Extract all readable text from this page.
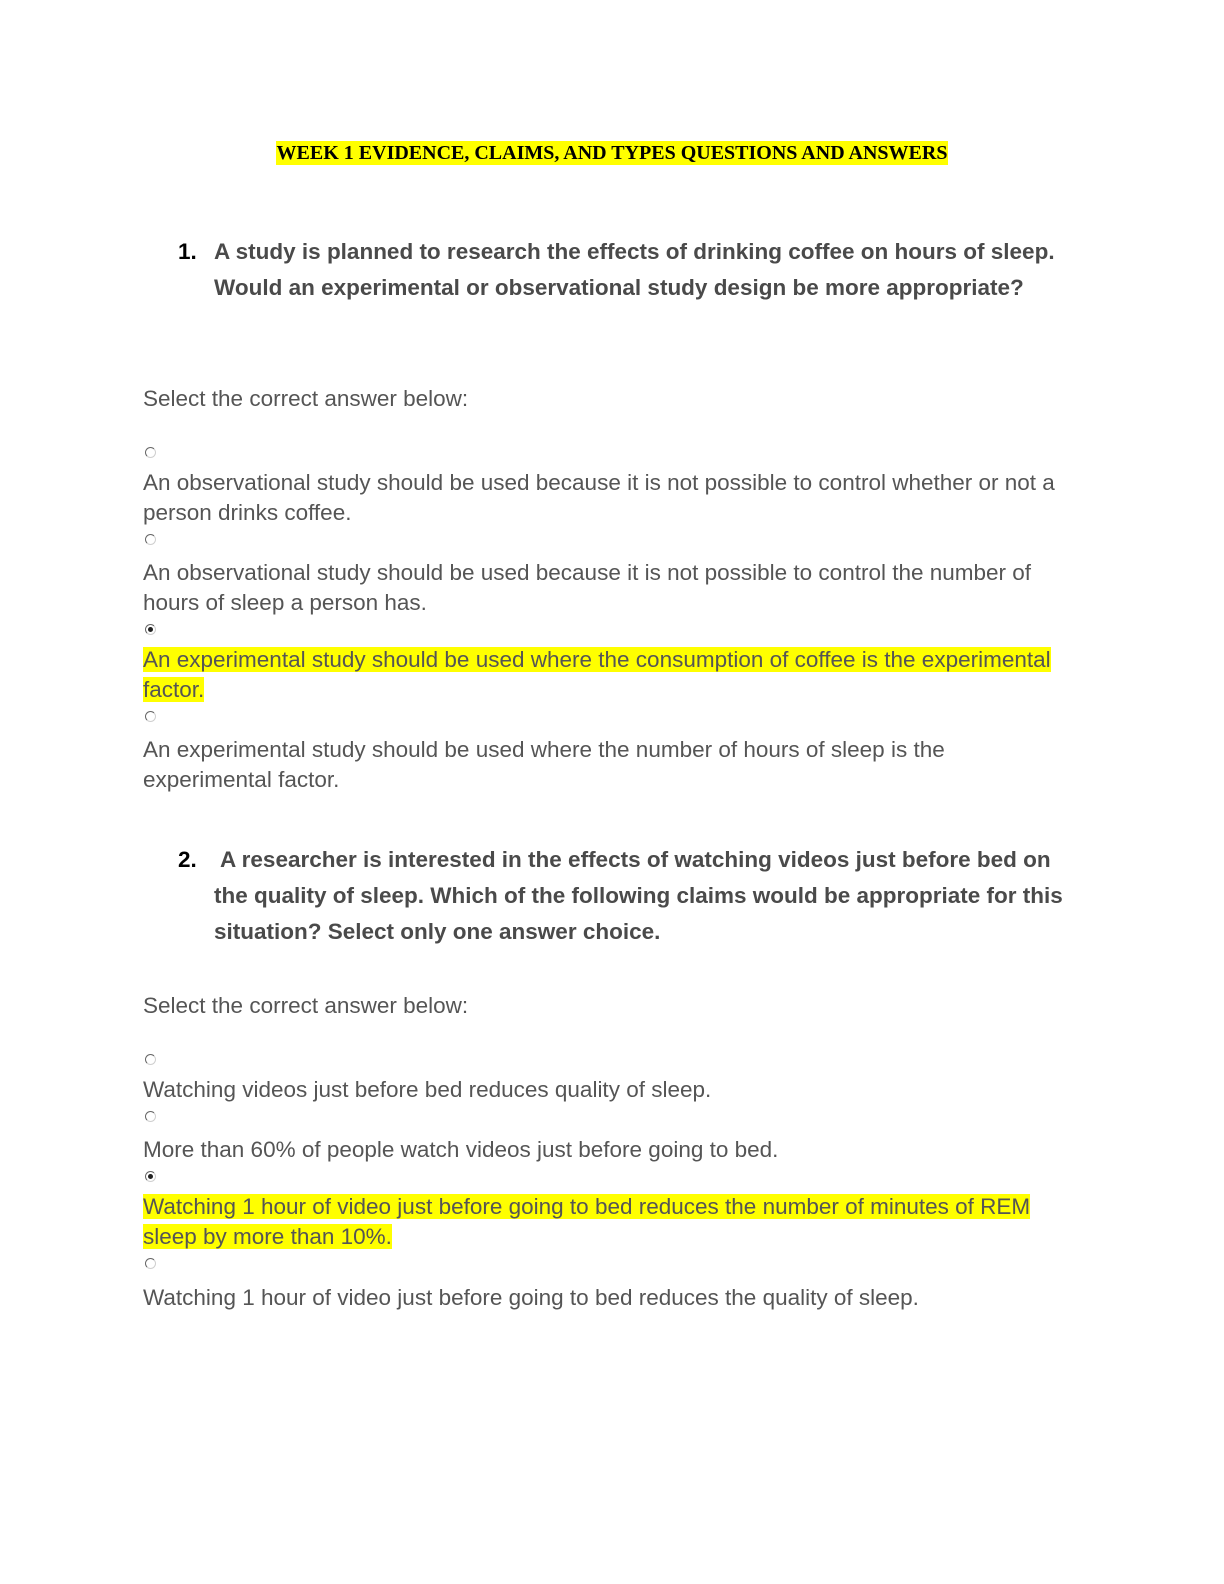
WEEK 1 EVIDENCE, CLAIMS, AND TYPES QUESTIONS AND ANSWERS
1. A study is planned to research the effects of drinking coffee on hours of sleep. Would an experimental or observational study design be more appropriate?
Select the correct answer below:
An observational study should be used because it is not possible to control whether or not a person drinks coffee.
An observational study should be used because it is not possible to control the number of hours of sleep a person has.
An experimental study should be used where the consumption of coffee is the experimental factor.
An experimental study should be used where the number of hours of sleep is the experimental factor.
2.	A researcher is interested in the effects of watching videos just before bed on the quality of sleep. Which of the following claims would be appropriate for this situation? Select only one answer choice.
Select the correct answer below:
Watching videos just before bed reduces quality of sleep.
More than 60% of people watch videos just before going to bed.
Watching 1 hour of video just before going to bed reduces the number of minutes of REM sleep by more than 10%.
Watching 1 hour of video just before going to bed reduces the quality of sleep.
